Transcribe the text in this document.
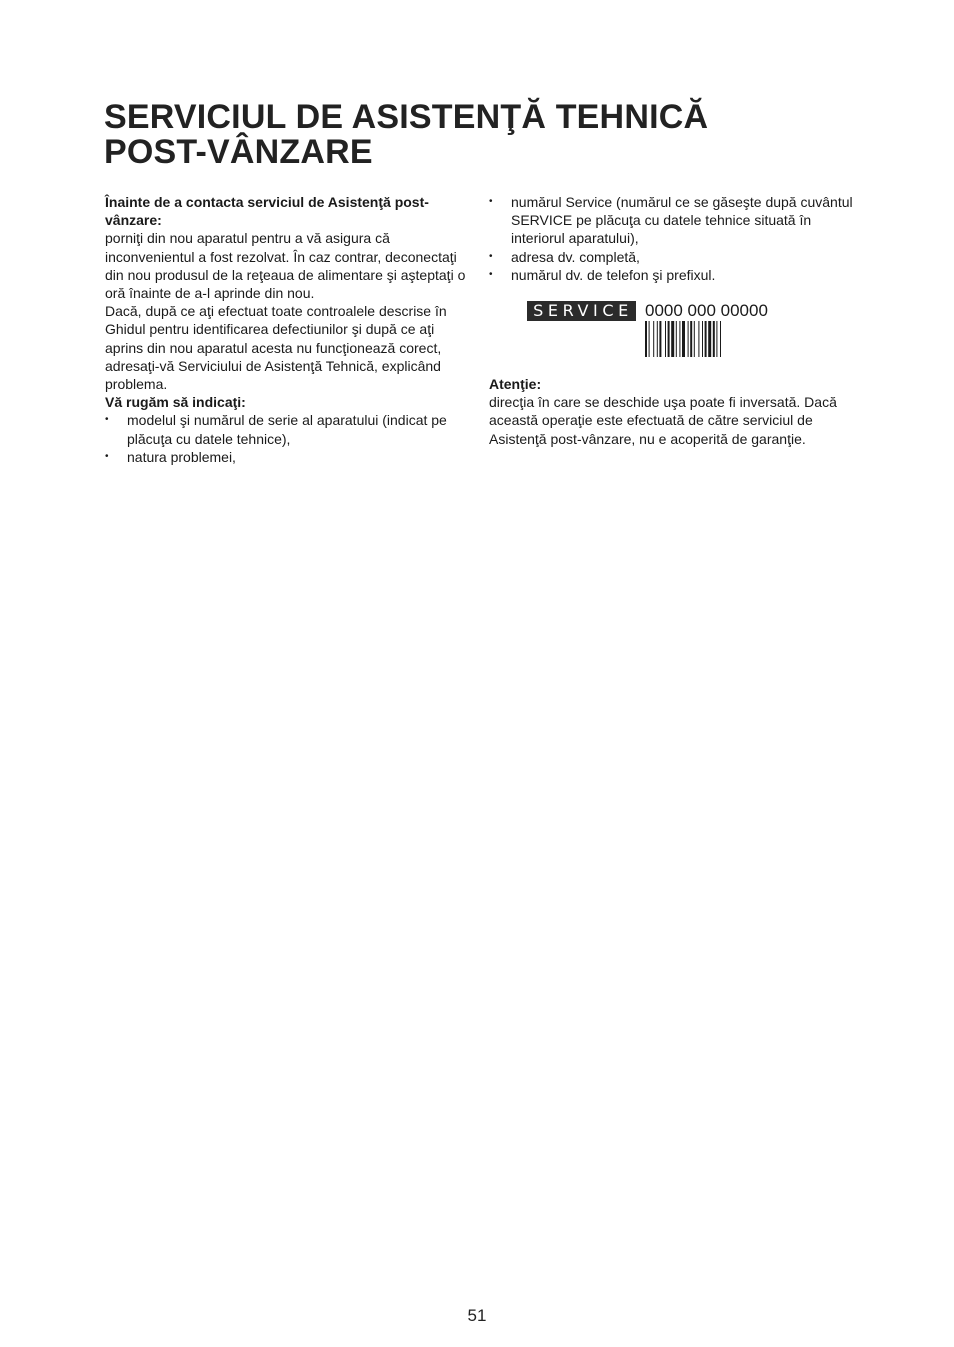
SERVICIUL DE ASISTENŢĂ TEHNICĂ
POST-VÂNZARE

Înainte de a contacta serviciul de Asistenţă post-vânzare:

porniţi din nou aparatul pentru a vă asigura că inconvenientul a fost rezolvat. În caz contrar, deconectaţi din nou produsul de la reţeaua de alimentare şi aşteptaţi o oră înainte de a-l aprinde din nou.

Dacă, după ce aţi efectuat toate controalele descrise în Ghidul pentru identificarea defectiunilor şi după ce aţi aprins din nou aparatul acesta nu funcţionează corect, adresaţi-vă Serviciului de Asistenţă Tehnică, explicând problema.

Vă rugăm să indicaţi:

• modelul şi numărul de serie al aparatului (indicat pe plăcuţa cu datele tehnice),
• natura problemei,
• numărul Service (numărul ce se găseşte după cuvântul SERVICE pe plăcuţa cu datele tehnice situată în interiorul aparatului),
• adresa dv. completă,
• numărul dv. de telefon şi prefixul.
SERVICE 0000 000 00000

Atenţie:

direcţia în care se deschide uşa poate fi inversată. Dacă această operaţie este efectuată de către serviciul de Asistenţă post-vânzare, nu e acoperită de garanţie.

51
